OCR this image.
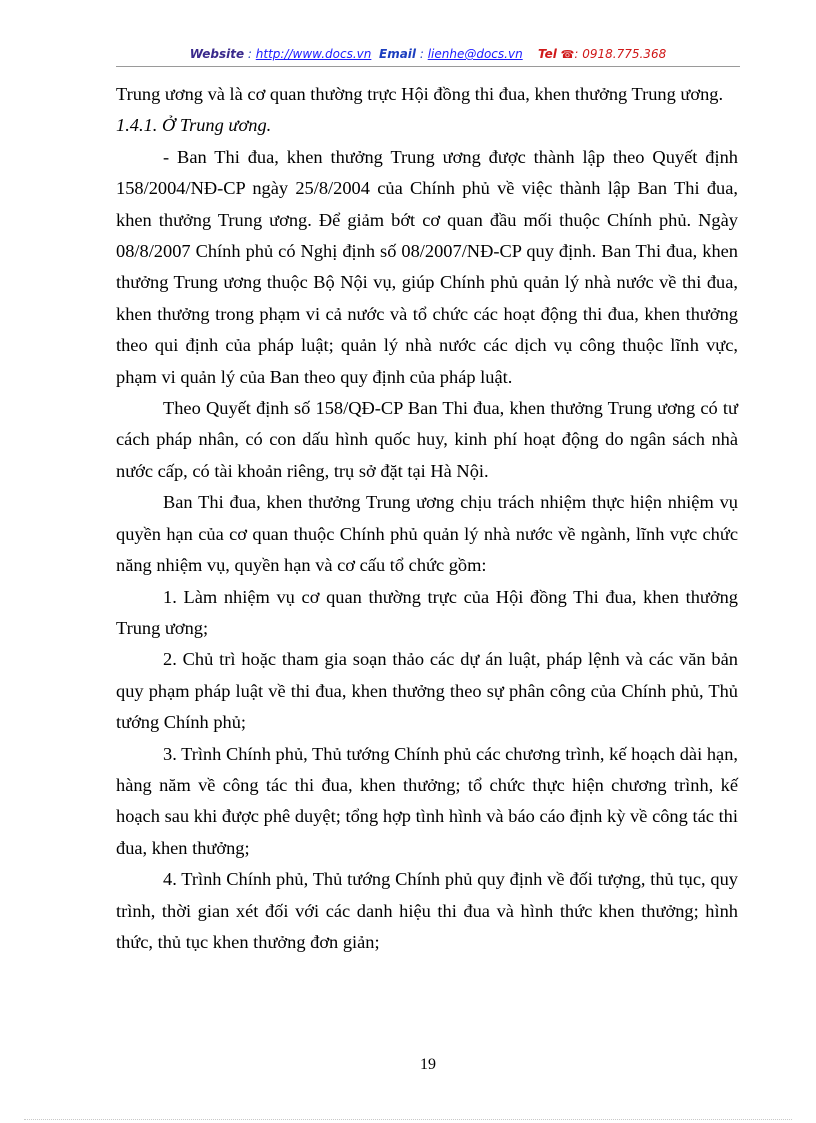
Website : http://www.docs.vn Email : lienhe@docs.vn Tel ☎: 0918.775.368

Trung ương và là cơ quan thường trực Hội đồng thi đua, khen thưởng Trung ương.

1.4.1. Ở Trung ương.

- Ban Thi đua, khen thưởng Trung ương được thành lập theo Quyết định 158/2004/NĐ-CP ngày 25/8/2004 của Chính phủ về việc thành lập Ban Thi đua, khen thưởng Trung ương. Để giảm bớt cơ quan đầu mối thuộc Chính phủ. Ngày 08/8/2007 Chính phủ có Nghị định số 08/2007/NĐ-CP quy định. Ban Thi đua, khen thưởng Trung ương thuộc Bộ Nội vụ, giúp Chính phủ quản lý nhà nước về thi đua, khen thưởng trong phạm vi cả nước và tổ chức các hoạt động thi đua, khen thưởng theo qui định của pháp luật; quản lý nhà nước các dịch vụ công thuộc lĩnh vực, phạm vi quản lý của Ban theo quy định của pháp luật.

Theo Quyết định số 158/QĐ-CP Ban Thi đua, khen thưởng Trung ương có tư cách pháp nhân, có con dấu hình quốc huy, kinh phí hoạt động do ngân sách nhà nước cấp, có tài khoản riêng, trụ sở đặt tại Hà Nội.

Ban Thi đua, khen thưởng Trung ương chịu trách nhiệm thực hiện nhiệm vụ quyền hạn của cơ quan thuộc Chính phủ quản lý nhà nước về ngành, lĩnh vực chức năng nhiệm vụ, quyền hạn và cơ cấu tổ chức gồm:

1. Làm nhiệm vụ cơ quan thường trực của Hội đồng Thi đua, khen thưởng Trung ương;

2. Chủ trì hoặc tham gia soạn thảo các dự án luật, pháp lệnh và các văn bản quy phạm pháp luật về thi đua, khen thưởng theo sự phân công của Chính phủ, Thủ tướng Chính phủ;

3. Trình Chính phủ, Thủ tướng Chính phủ các chương trình, kế hoạch dài hạn, hàng năm về công tác thi đua, khen thưởng; tổ chức thực hiện chương trình, kế hoạch sau khi được phê duyệt; tổng hợp tình hình và báo cáo định kỳ về công tác thi đua, khen thưởng;

4. Trình Chính phủ, Thủ tướng Chính phủ quy định về đối tượng, thủ tục, quy trình, thời gian xét đối với các danh hiệu thi đua và hình thức khen thưởng; hình thức, thủ tục khen thưởng đơn giản;

19
